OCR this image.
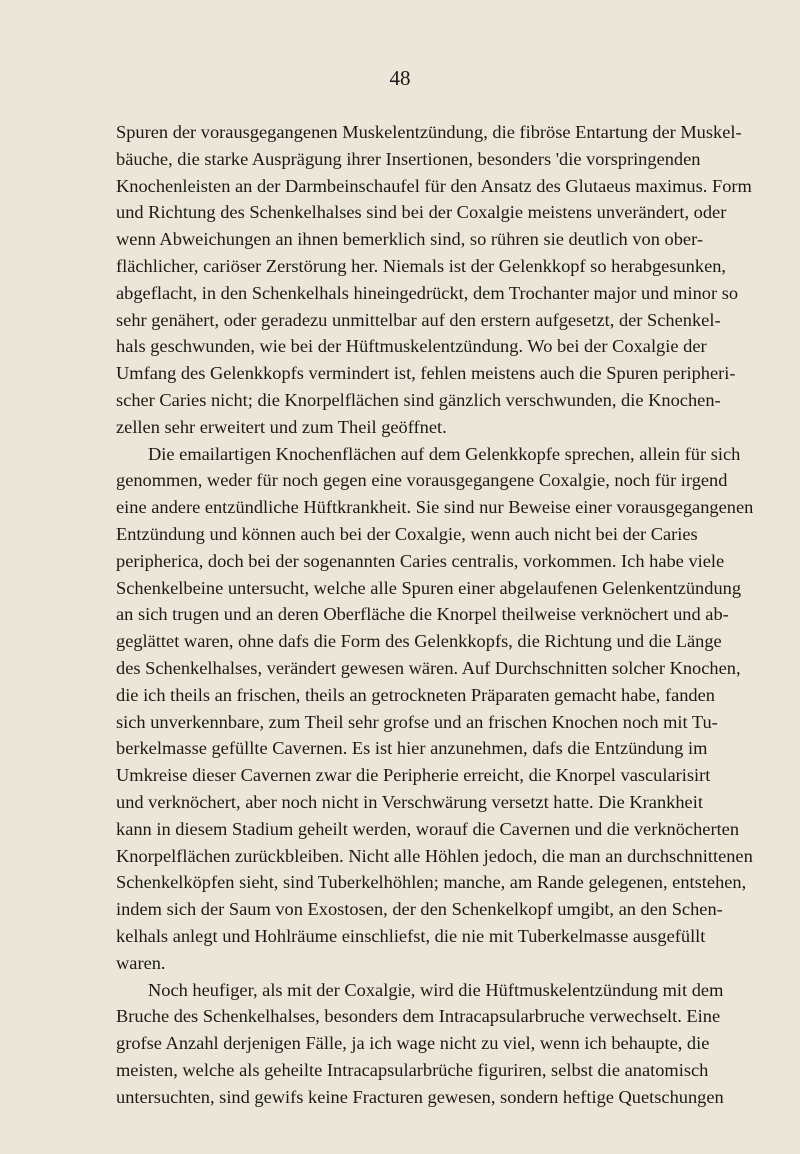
48
Spuren der vorausgegangenen Muskelentzündung, die fibröse Entartung der Muskel-
bäuche, die starke Ausprägung ihrer Insertionen, besonders 'die vorspringenden
Knochenleisten an der Darmbeinschaufel für den Ansatz des Glutaeus maximus. Form
und Richtung des Schenkelhalses sind bei der Coxalgie meistens unverändert, oder
wenn Abweichungen an ihnen bemerklich sind, so rühren sie deutlich von ober-
flächlicher, cariöser Zerstörung her. Niemals ist der Gelenkkopf so herabgesunken,
abgeflacht, in den Schenkelhals hineingedrückt, dem Trochanter major und minor so
sehr genähert, oder geradezu unmittelbar auf den erstern aufgesetzt, der Schenkel-
hals geschwunden, wie bei der Hüftmuskelentzündung. Wo bei der Coxalgie der
Umfang des Gelenkkopfs vermindert ist, fehlen meistens auch die Spuren peripheri-
scher Caries nicht; die Knorpelflächen sind gänzlich verschwunden, die Knochen-
zellen sehr erweitert und zum Theil geöffnet.
Die emailartigen Knochenflächen auf dem Gelenkkopfe sprechen, allein für sich
genommen, weder für noch gegen eine vorausgegangene Coxalgie, noch für irgend
eine andere entzündliche Hüftkrankheit. Sie sind nur Beweise einer vorausgegangenen
Entzündung und können auch bei der Coxalgie, wenn auch nicht bei der Caries
peripherica, doch bei der sogenannten Caries centralis, vorkommen. Ich habe viele
Schenkelbeine untersucht, welche alle Spuren einer abgelaufenen Gelenkentzündung
an sich trugen und an deren Oberfläche die Knorpel theilweise verknöchert und ab-
geglättet waren, ohne dafs die Form des Gelenkkopfs, die Richtung und die Länge
des Schenkelhalses, verändert gewesen wären. Auf Durchschnitten solcher Knochen,
die ich theils an frischen, theils an getrockneten Präparaten gemacht habe, fanden
sich unverkennbare, zum Theil sehr grofse und an frischen Knochen noch mit Tu-
berkelmasse gefüllte Cavernen. Es ist hier anzunehmen, dafs die Entzündung im
Umkreise dieser Cavernen zwar die Peripherie erreicht, die Knorpel vascularisirt
und verknöchert, aber noch nicht in Verschwärung versetzt hatte. Die Krankheit
kann in diesem Stadium geheilt werden, worauf die Cavernen und die verknöcherten
Knorpelflächen zurückbleiben. Nicht alle Höhlen jedoch, die man an durchschnittenen
Schenkelköpfen sieht, sind Tuberkelhöhlen; manche, am Rande gelegenen, entstehen,
indem sich der Saum von Exostosen, der den Schenkelkopf umgibt, an den Schen-
kelhals anlegt und Hohlräume einschliefst, die nie mit Tuberkelmasse ausgefüllt
waren.
Noch heufiger, als mit der Coxalgie, wird die Hüftmuskelentzündung mit dem
Bruche des Schenkelhalses, besonders dem Intracapsularbruche verwechselt. Eine
grofse Anzahl derjenigen Fälle, ja ich wage nicht zu viel, wenn ich behaupte, die
meisten, welche als geheilte Intracapsularbrüche figuriren, selbst die anatomisch
untersuchten, sind gewifs keine Fracturen gewesen, sondern heftige Quetschungen
